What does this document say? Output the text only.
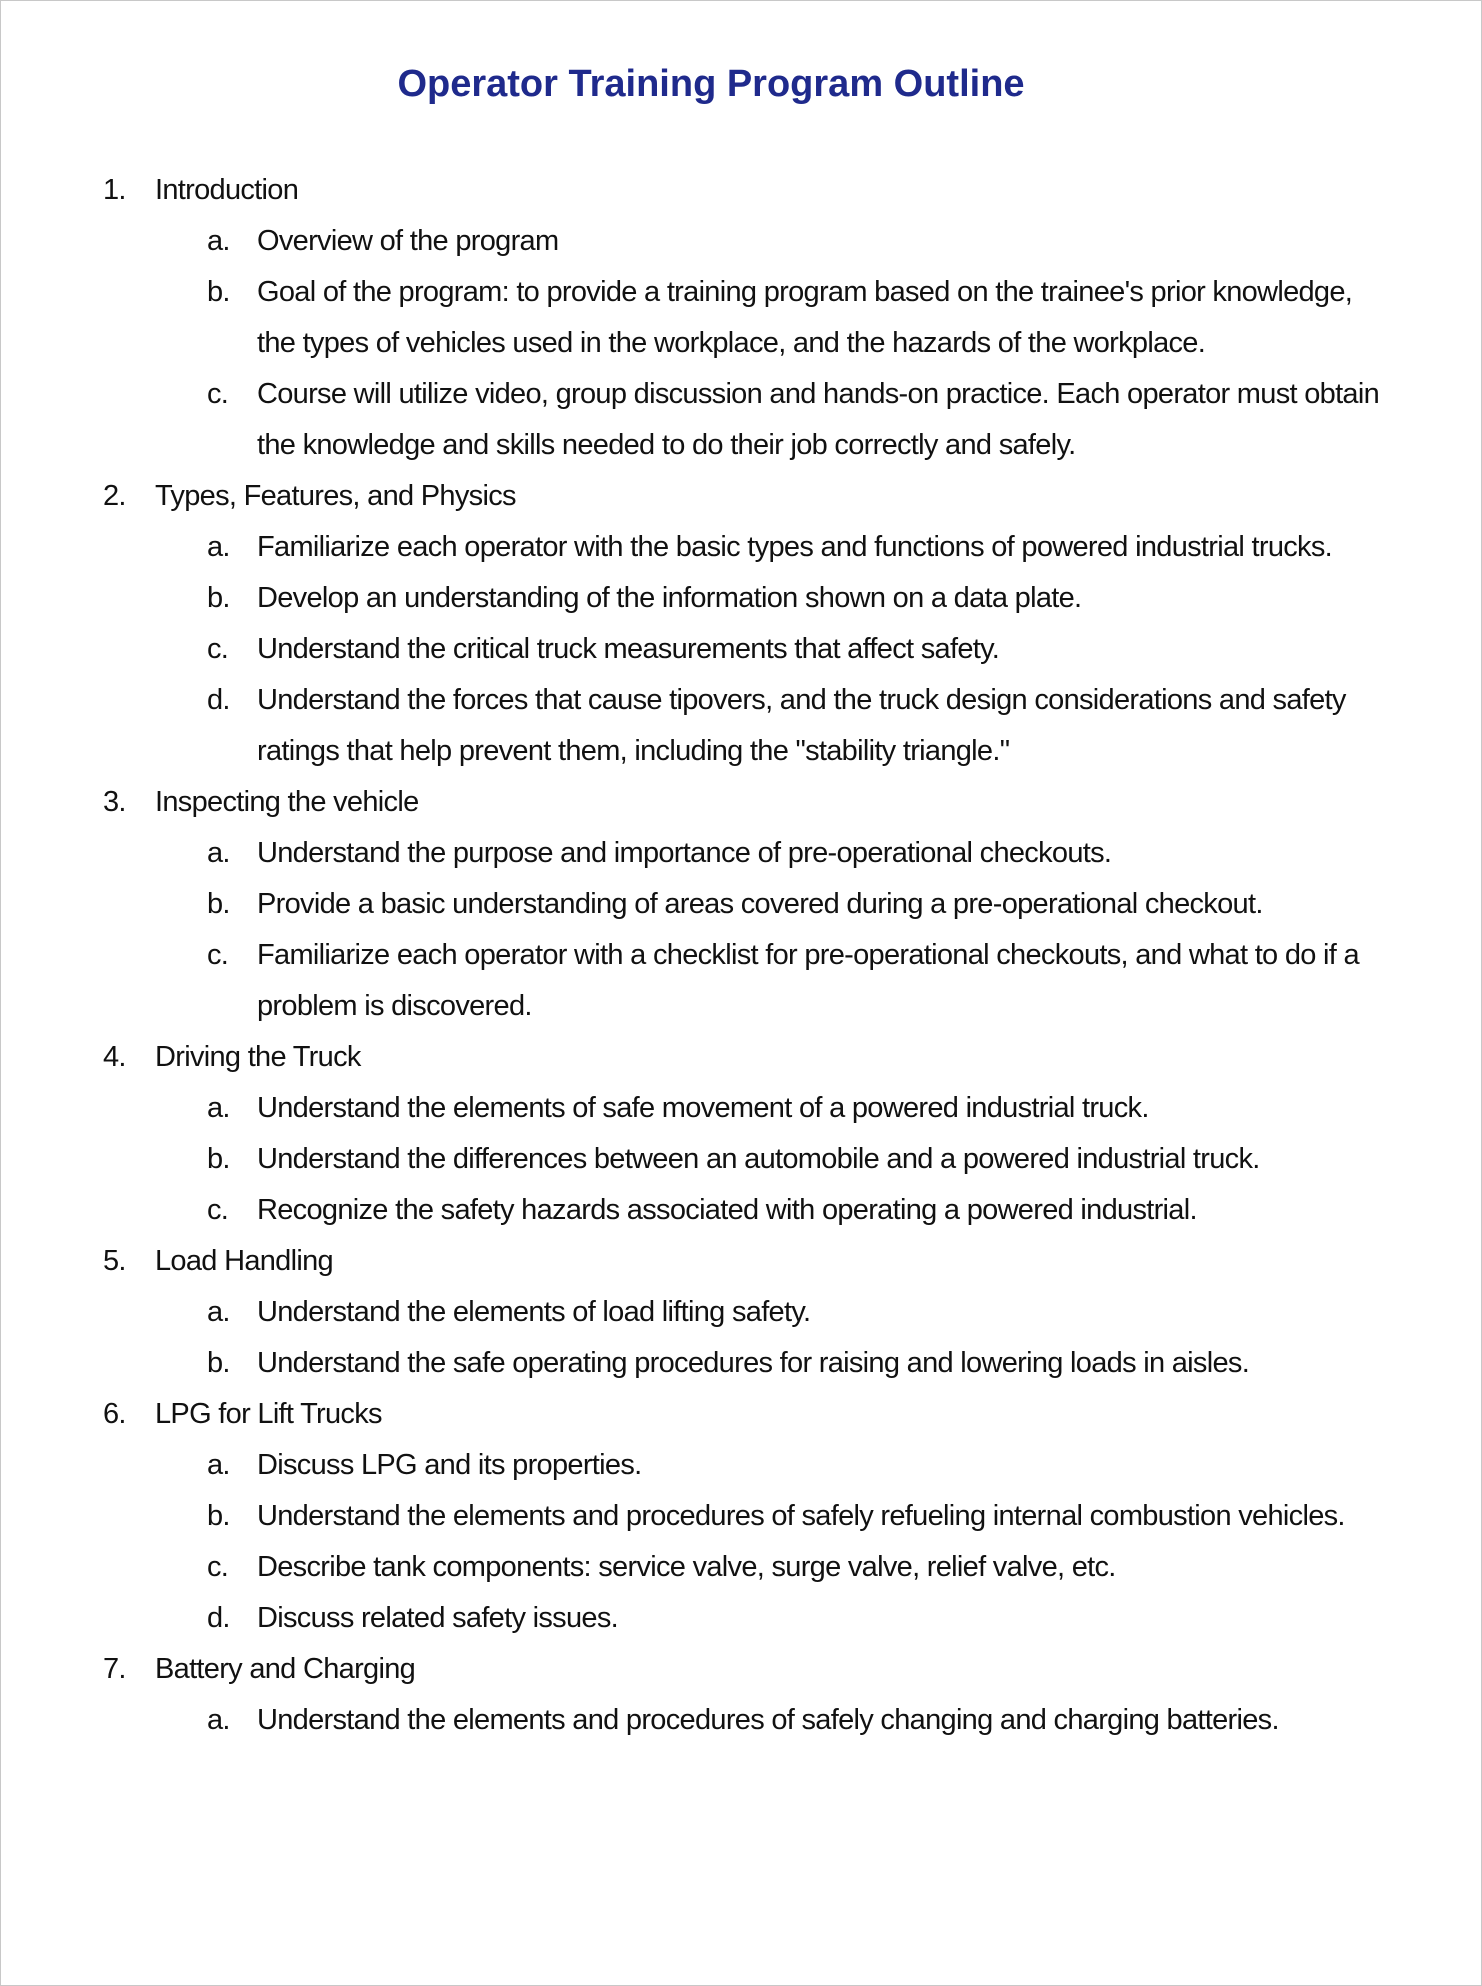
Operator Training Program Outline
1. Introduction
a. Overview of the program
b. Goal of the program: to provide a training program based on the trainee's prior knowledge, the types of vehicles used in the workplace, and the hazards of the workplace.
c. Course will utilize video, group discussion and hands-on practice. Each operator must obtain the knowledge and skills needed to do their job correctly and safely.
2. Types, Features, and Physics
a. Familiarize each operator with the basic types and functions of powered industrial trucks.
b. Develop an understanding of the information shown on a data plate.
c. Understand the critical truck measurements that affect safety.
d. Understand the forces that cause tipovers, and the truck design considerations and safety ratings that help prevent them, including the "stability triangle."
3. Inspecting the vehicle
a. Understand the purpose and importance of pre-operational checkouts.
b. Provide a basic understanding of areas covered during a pre-operational checkout.
c. Familiarize each operator with a checklist for pre-operational checkouts, and what to do if a problem is discovered.
4. Driving the Truck
a. Understand the elements of safe movement of a powered industrial truck.
b. Understand the differences between an automobile and a powered industrial truck.
c. Recognize the safety hazards associated with operating a powered industrial.
5. Load Handling
a. Understand the elements of load lifting safety.
b. Understand the safe operating procedures for raising and lowering loads in aisles.
6. LPG for Lift Trucks
a. Discuss LPG and its properties.
b. Understand the elements and procedures of safely refueling internal combustion vehicles.
c. Describe tank components: service valve, surge valve, relief valve, etc.
d. Discuss related safety issues.
7. Battery and Charging
a. Understand the elements and procedures of safely changing and charging batteries.
